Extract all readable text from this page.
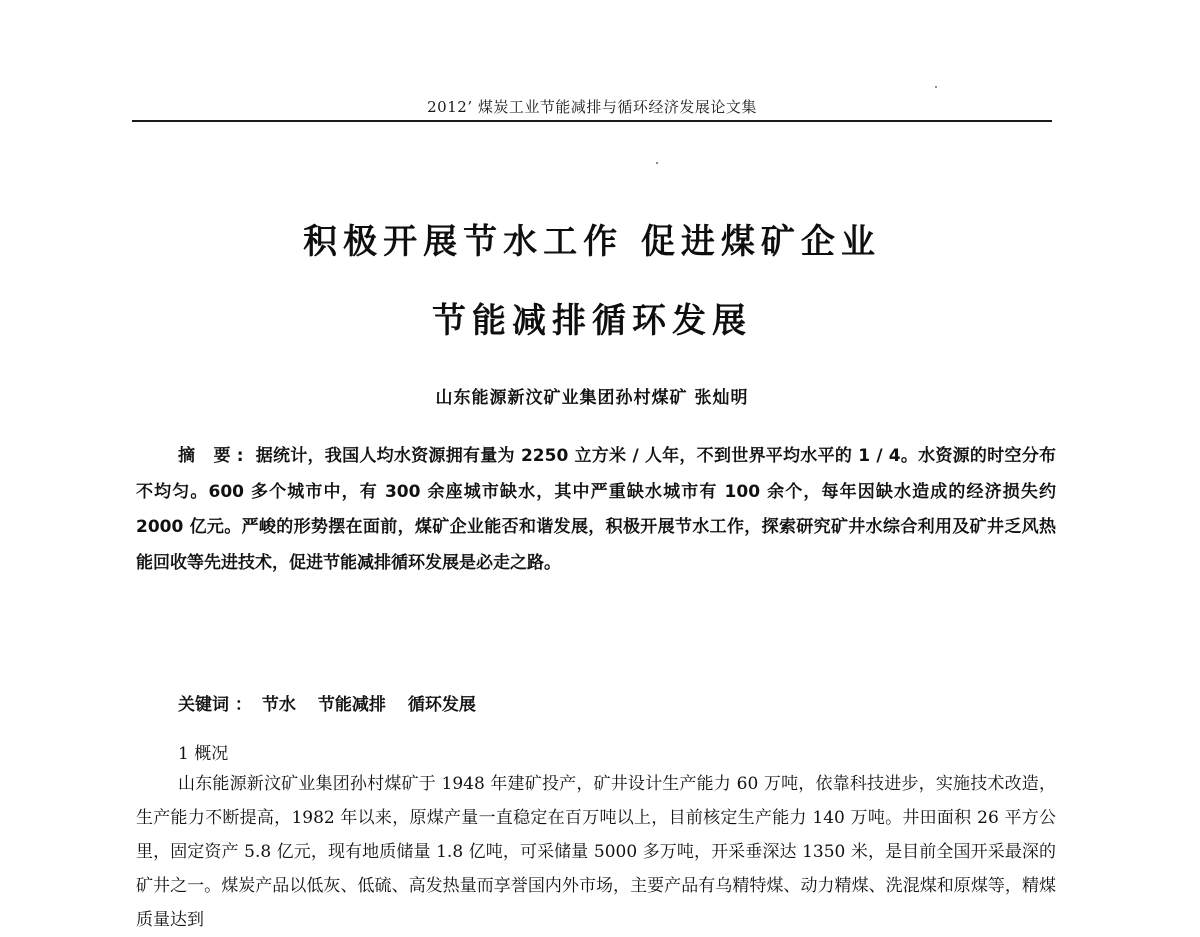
2012’ 煤炭工业节能减排与循环经济发展论文集
积极开展节水工作 促进煤矿企业
节能减排循环发展
山东能源新汶矿业集团孙村煤矿 张灿明

摘 要: 据统计，我国人均水资源拥有量为 2250 立方米 / 人年，不到世界平均水平的 1 / 4。水资源的时空分布不均匀。600 多个城市中，有 300 余座城市缺水，其中严重缺水城市有 100 余个，每年因缺水造成的经济损失约 2000 亿元。严峻的形势摆在面前，煤矿企业能否和谐发展，积极开展节水工作，探索研究矿井水综合利用及矿井乏风热能回收等先进技术，促进节能减排循环发展是必走之路。

关键词 ： 节水 节能减排 循环发展
1 概况

山东能源新汶矿业集团孙村煤矿于 1948 年建矿投产，矿井设计生产能力 60 万吨，依靠科技进步，实施技术改造，生产能力不断提高，1982 年以来，原煤产量一直稳定在百万吨以上，目前核定生产能力 140 万吨。井田面积 26 平方公里，固定资产 5.8 亿元，现有地质储量 1.8 亿吨，可采储量 5000 多万吨，开采垂深达 1350 米，是目前全国开采最深的矿井之一。煤炭产品以低灰、低硫、高发热量而享誉国内外市场，主要产品有乌精特煤、动力精煤、洗混煤和原煤等，精煤质量达到
